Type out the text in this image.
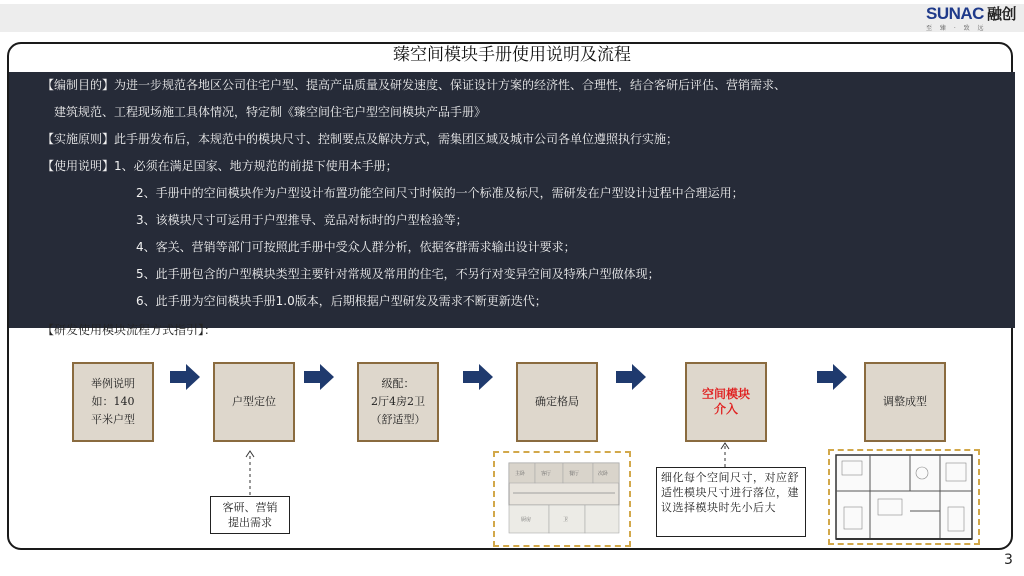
SUNAC 融创
至 臻 · 致 远
臻空间模块手册使用说明及流程
【编制目的】为进一步规范各地区公司住宅户型、提高产品质量及研发速度、保证设计方案的经济性、合理性，结合客研后评估、营销需求、
建筑规范、工程现场施工具体情况，特定制《臻空间住宅户型空间模块产品手册》
【实施原则】此手册发布后，本规范中的模块尺寸、控制要点及解决方式，需集团区域及城市公司各单位遵照执行实施；
【使用说明】1、必须在满足国家、地方规范的前提下使用本手册；
2、手册中的空间模块作为户型设计布置功能空间尺寸时候的一个标准及标尺，需研发在户型设计过程中合理运用；
3、该模块尺寸可运用于户型推导、竞品对标时的户型检验等；
4、客关、营销等部门可按照此手册中受众人群分析，依据客群需求输出设计要求；
5、此手册包含的户型模块类型主要针对常规及常用的住宅，不另行对变异空间及特殊户型做体现；
6、此手册为空间模块手册1.0版本，后期根据户型研发及需求不断更新迭代；
【研发使用模块流程方式指引】：
举例说明
如：140
平米户型
户型定位
级配：
2厅4房2卫
（舒适型）
确定格局
空间模块
介入
调整成型
客研、营销
提出需求
细化每个空间尺寸，对应舒适性模块尺寸进行落位，建议选择模块时先小后大
主卧	客厅	餐厅	次卧
厨房	卫
3
